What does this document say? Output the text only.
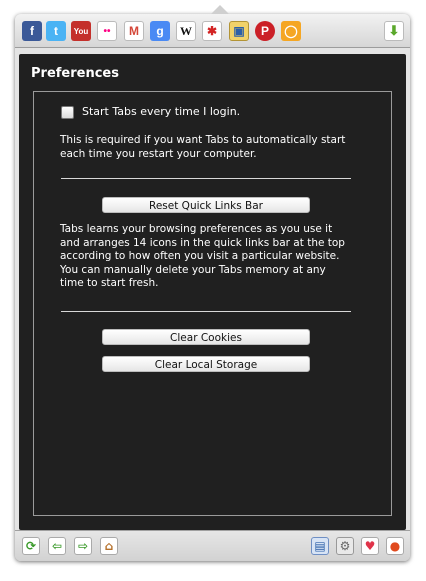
f t You •• M g W ✱ ▣ P ◯	⬇
Preferences
Start Tabs every time I login.
This is required if you want Tabs to automatically start each time you restart your computer.
Reset Quick Links Bar
Tabs learns your browsing preferences as you use it and arranges 14 icons in the quick links bar at the top according to how often you visit a particular website. You can manually delete your Tabs memory at any time to start fresh.
Clear Cookies
Clear Local Storage
⟳	⇦	⇨	⌂	▤	⚙	♥	●
